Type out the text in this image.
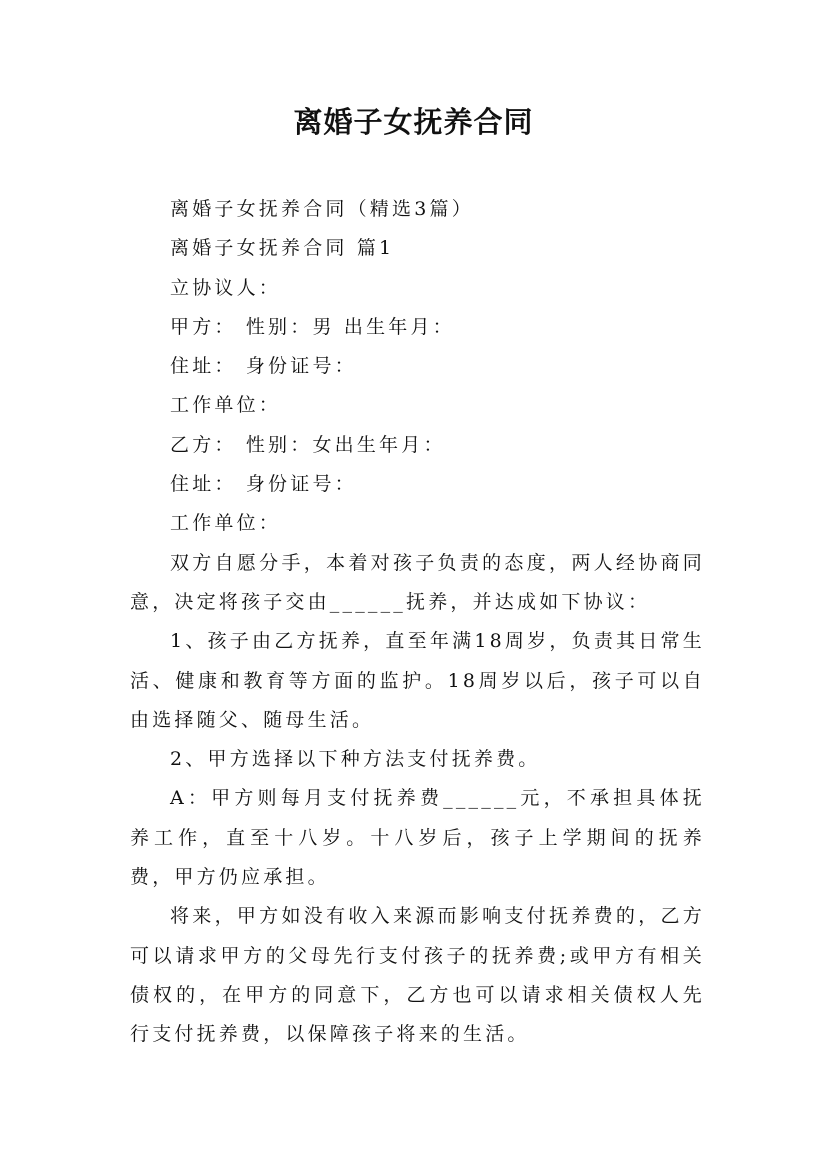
离婚子女抚养合同

离婚子女抚养合同（精选3篇）

离婚子女抚养合同 篇1

立协议人：

甲方： 性别：男 出生年月：

住址： 身份证号：

工作单位：

乙方： 性别：女出生年月：

住址： 身份证号：

工作单位：

双方自愿分手，本着对孩子负责的态度，两人经协商同意，决定将孩子交由______抚养，并达成如下协议：

1、孩子由乙方抚养，直至年满18周岁，负责其日常生活、健康和教育等方面的监护。18周岁以后，孩子可以自由选择随父、随母生活。

2、甲方选择以下种方法支付抚养费。

A：甲方则每月支付抚养费______元，不承担具体抚养工作，直至十八岁。十八岁后，孩子上学期间的抚养费，甲方仍应承担。

将来，甲方如没有收入来源而影响支付抚养费的，乙方可以请求甲方的父母先行支付孩子的抚养费;或甲方有相关债权的，在甲方的同意下，乙方也可以请求相关债权人先行支付抚养费，以保障孩子将来的生活。
